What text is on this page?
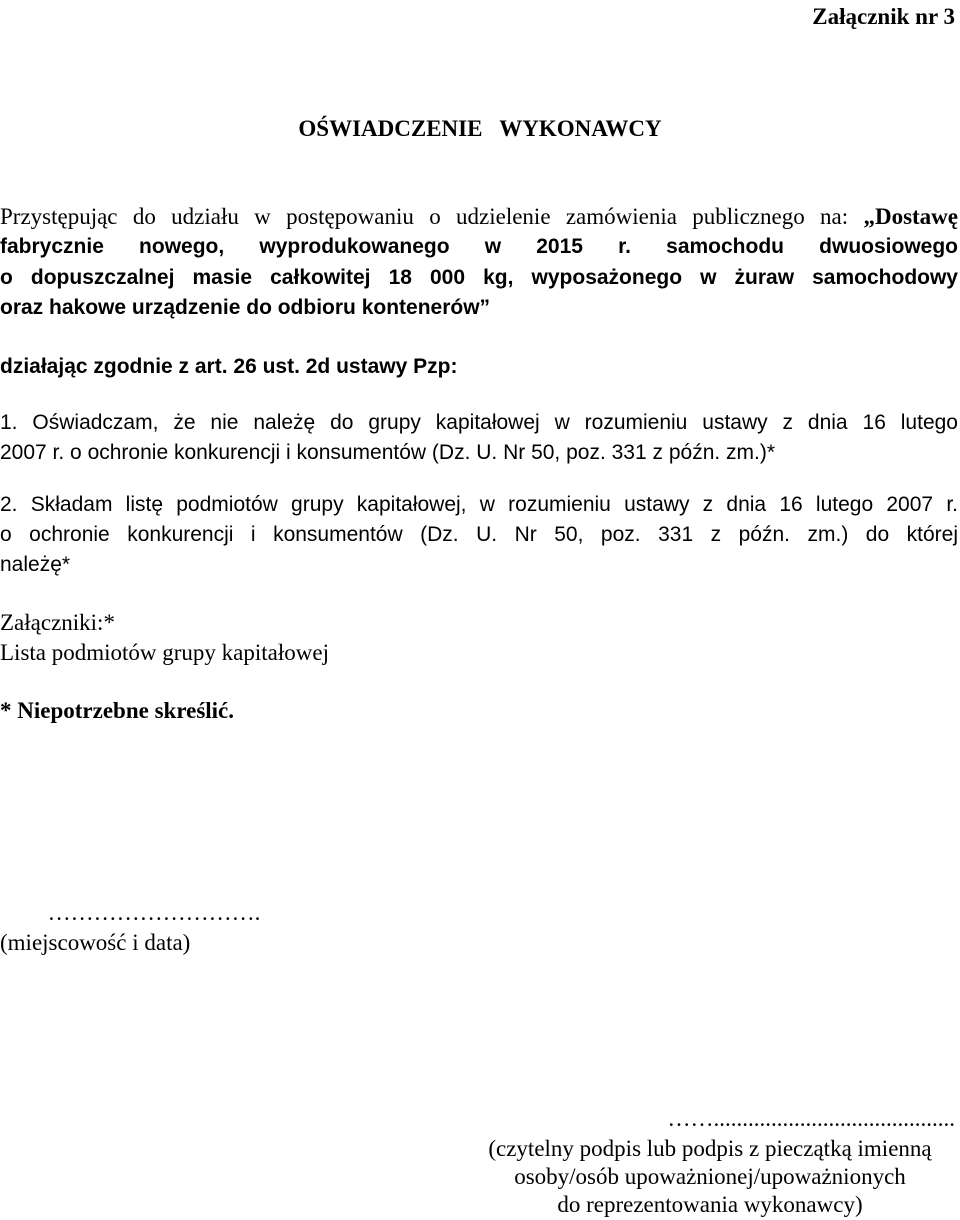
Załącznik nr 3
OŚWIADCZENIE   WYKONAWCY
Przystępując do udziału w postępowaniu o udzielenie zamówienia publicznego na: „Dostawę
fabrycznie nowego, wyprodukowanego w 2015 r. samochodu dwuosiowego
o dopuszczalnej masie całkowitej 18 000 kg, wyposażonego w żuraw samochodowy
oraz hakowe urządzenie do odbioru kontenerów”
działając zgodnie z art. 26 ust. 2d ustawy Pzp:
1. Oświadczam, że nie należę do grupy kapitałowej w rozumieniu ustawy z dnia 16 lutego
2007 r. o ochronie konkurencji i konsumentów (Dz. U. Nr 50, poz. 331 z późn. zm.)*
2. Składam listę podmiotów grupy kapitałowej, w rozumieniu ustawy z dnia 16 lutego 2007 r.
o ochronie konkurencji i konsumentów (Dz. U. Nr 50, poz. 331 z późn. zm.) do której
należę*
Załączniki:*
Lista podmiotów grupy kapitałowej
* Niepotrzebne skreślić.
……………………….
(miejscowość i data)
……..........................................
(czytelny podpis lub podpis z pieczątką imienną
osoby/osób upoważnionej/upoważnionych
do reprezentowania wykonawcy)
